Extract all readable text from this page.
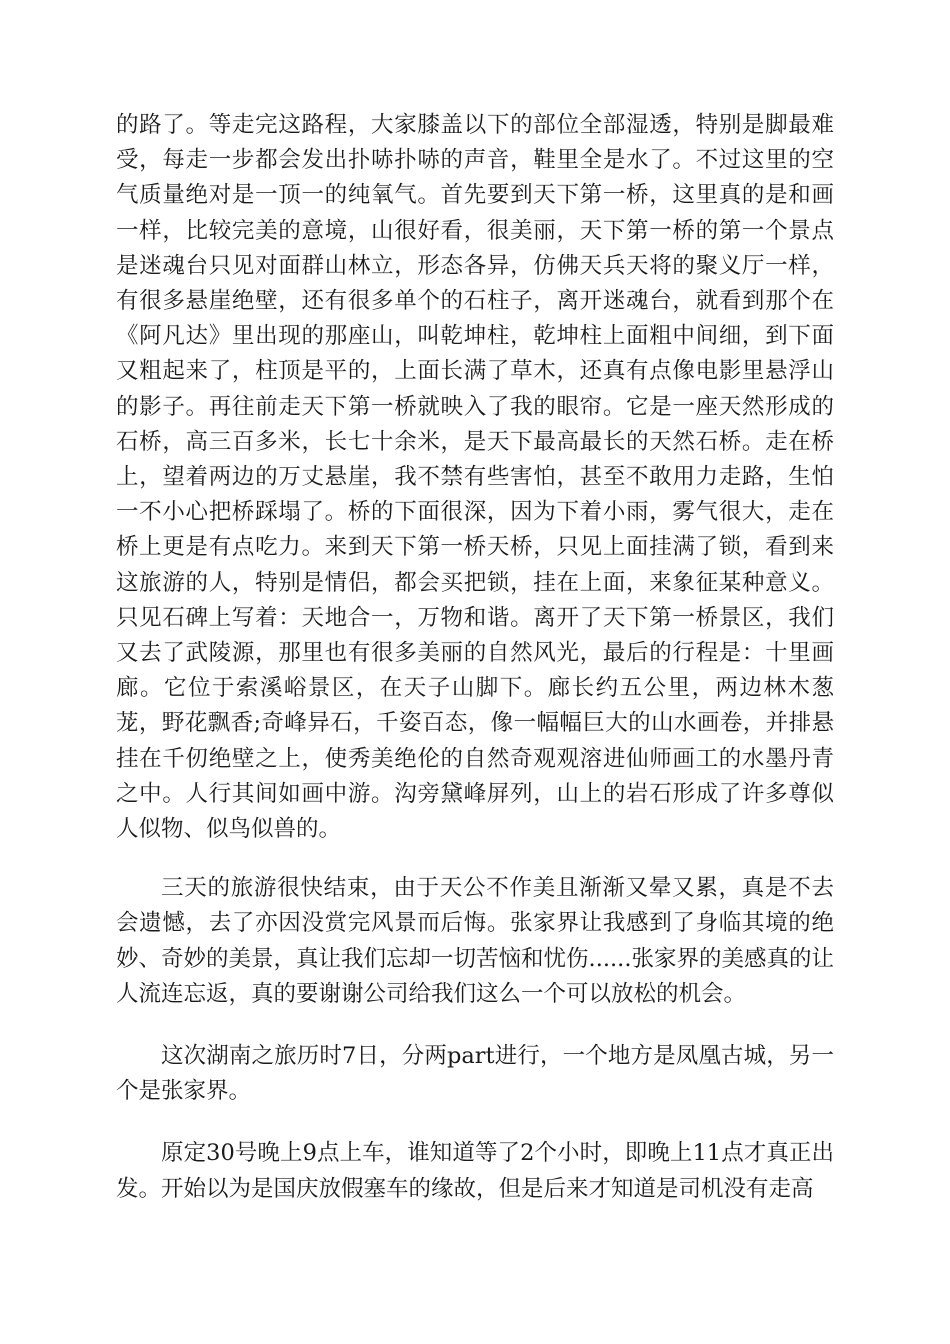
的路了。等走完这路程，大家膝盖以下的部位全部湿透，特别是脚最难受，每走一步都会发出扑哧扑哧的声音，鞋里全是水了。不过这里的空气质量绝对是一顶一的纯氧气。首先要到天下第一桥，这里真的是和画一样，比较完美的意境，山很好看，很美丽，天下第一桥的第一个景点是迷魂台只见对面群山林立，形态各异，仿佛天兵天将的聚义厅一样，有很多悬崖绝壁，还有很多单个的石柱子，离开迷魂台，就看到那个在《阿凡达》里出现的那座山，叫乾坤柱，乾坤柱上面粗中间细，到下面又粗起来了，柱顶是平的，上面长满了草木，还真有点像电影里悬浮山的影子。再往前走天下第一桥就映入了我的眼帘。它是一座天然形成的石桥，高三百多米，长七十余米，是天下最高最长的天然石桥。走在桥上，望着两边的万丈悬崖，我不禁有些害怕，甚至不敢用力走路，生怕一不小心把桥踩塌了。桥的下面很深，因为下着小雨，雾气很大，走在桥上更是有点吃力。来到天下第一桥天桥，只见上面挂满了锁，看到来这旅游的人，特别是情侣，都会买把锁，挂在上面，来象征某种意义。只见石碑上写着：天地合一，万物和谐。离开了天下第一桥景区，我们又去了武陵源，那里也有很多美丽的自然风光，最后的行程是：十里画廊。它位于索溪峪景区，在天子山脚下。廊长约五公里，两边林木葱茏，野花飘香;奇峰异石，千姿百态，像一幅幅巨大的山水画卷，并排悬挂在千仞绝壁之上，使秀美绝伦的自然奇观观溶进仙师画工的水墨丹青之中。人行其间如画中游。沟旁黛峰屏列，山上的岩石形成了许多尊似人似物、似鸟似兽的。

三天的旅游很快结束，由于天公不作美且渐渐又晕又累，真是不去会遗憾，去了亦因没赏完风景而后悔。张家界让我感到了身临其境的绝妙、奇妙的美景，真让我们忘却一切苦恼和忧伤......张家界的美感真的让人流连忘返，真的要谢谢公司给我们这么一个可以放松的机会。

这次湖南之旅历时7日，分两part进行，一个地方是凤凰古城，另一个是张家界。

原定30号晚上9点上车，谁知道等了2个小时，即晚上11点才真正出发。开始以为是国庆放假塞车的缘故，但是后来才知道是司机没有走高
